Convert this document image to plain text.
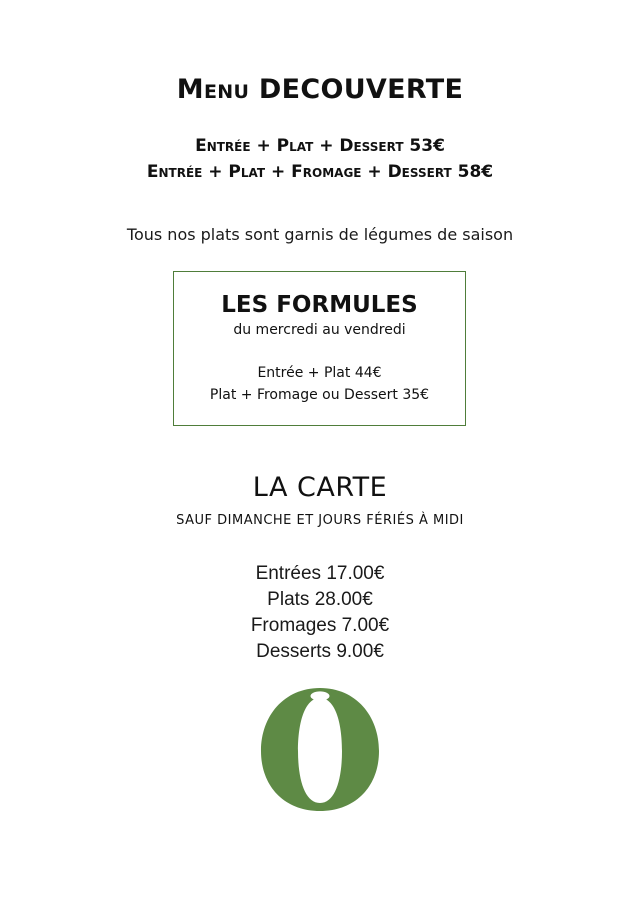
Menu DECOUVERTE
Entrée + Plat + Dessert 53€
Entrée + Plat + Fromage + Dessert 58€
Tous nos plats sont garnis de légumes de saison
LES FORMULES
du mercredi au vendredi
Entrée + Plat 44€
Plat + Fromage ou Dessert 35€
LA CARTE
SAUF DIMANCHE ET JOURS FÉRIÉS À MIDI
Entrées 17.00€
Plats 28.00€
Fromages 7.00€
Desserts 9.00€
